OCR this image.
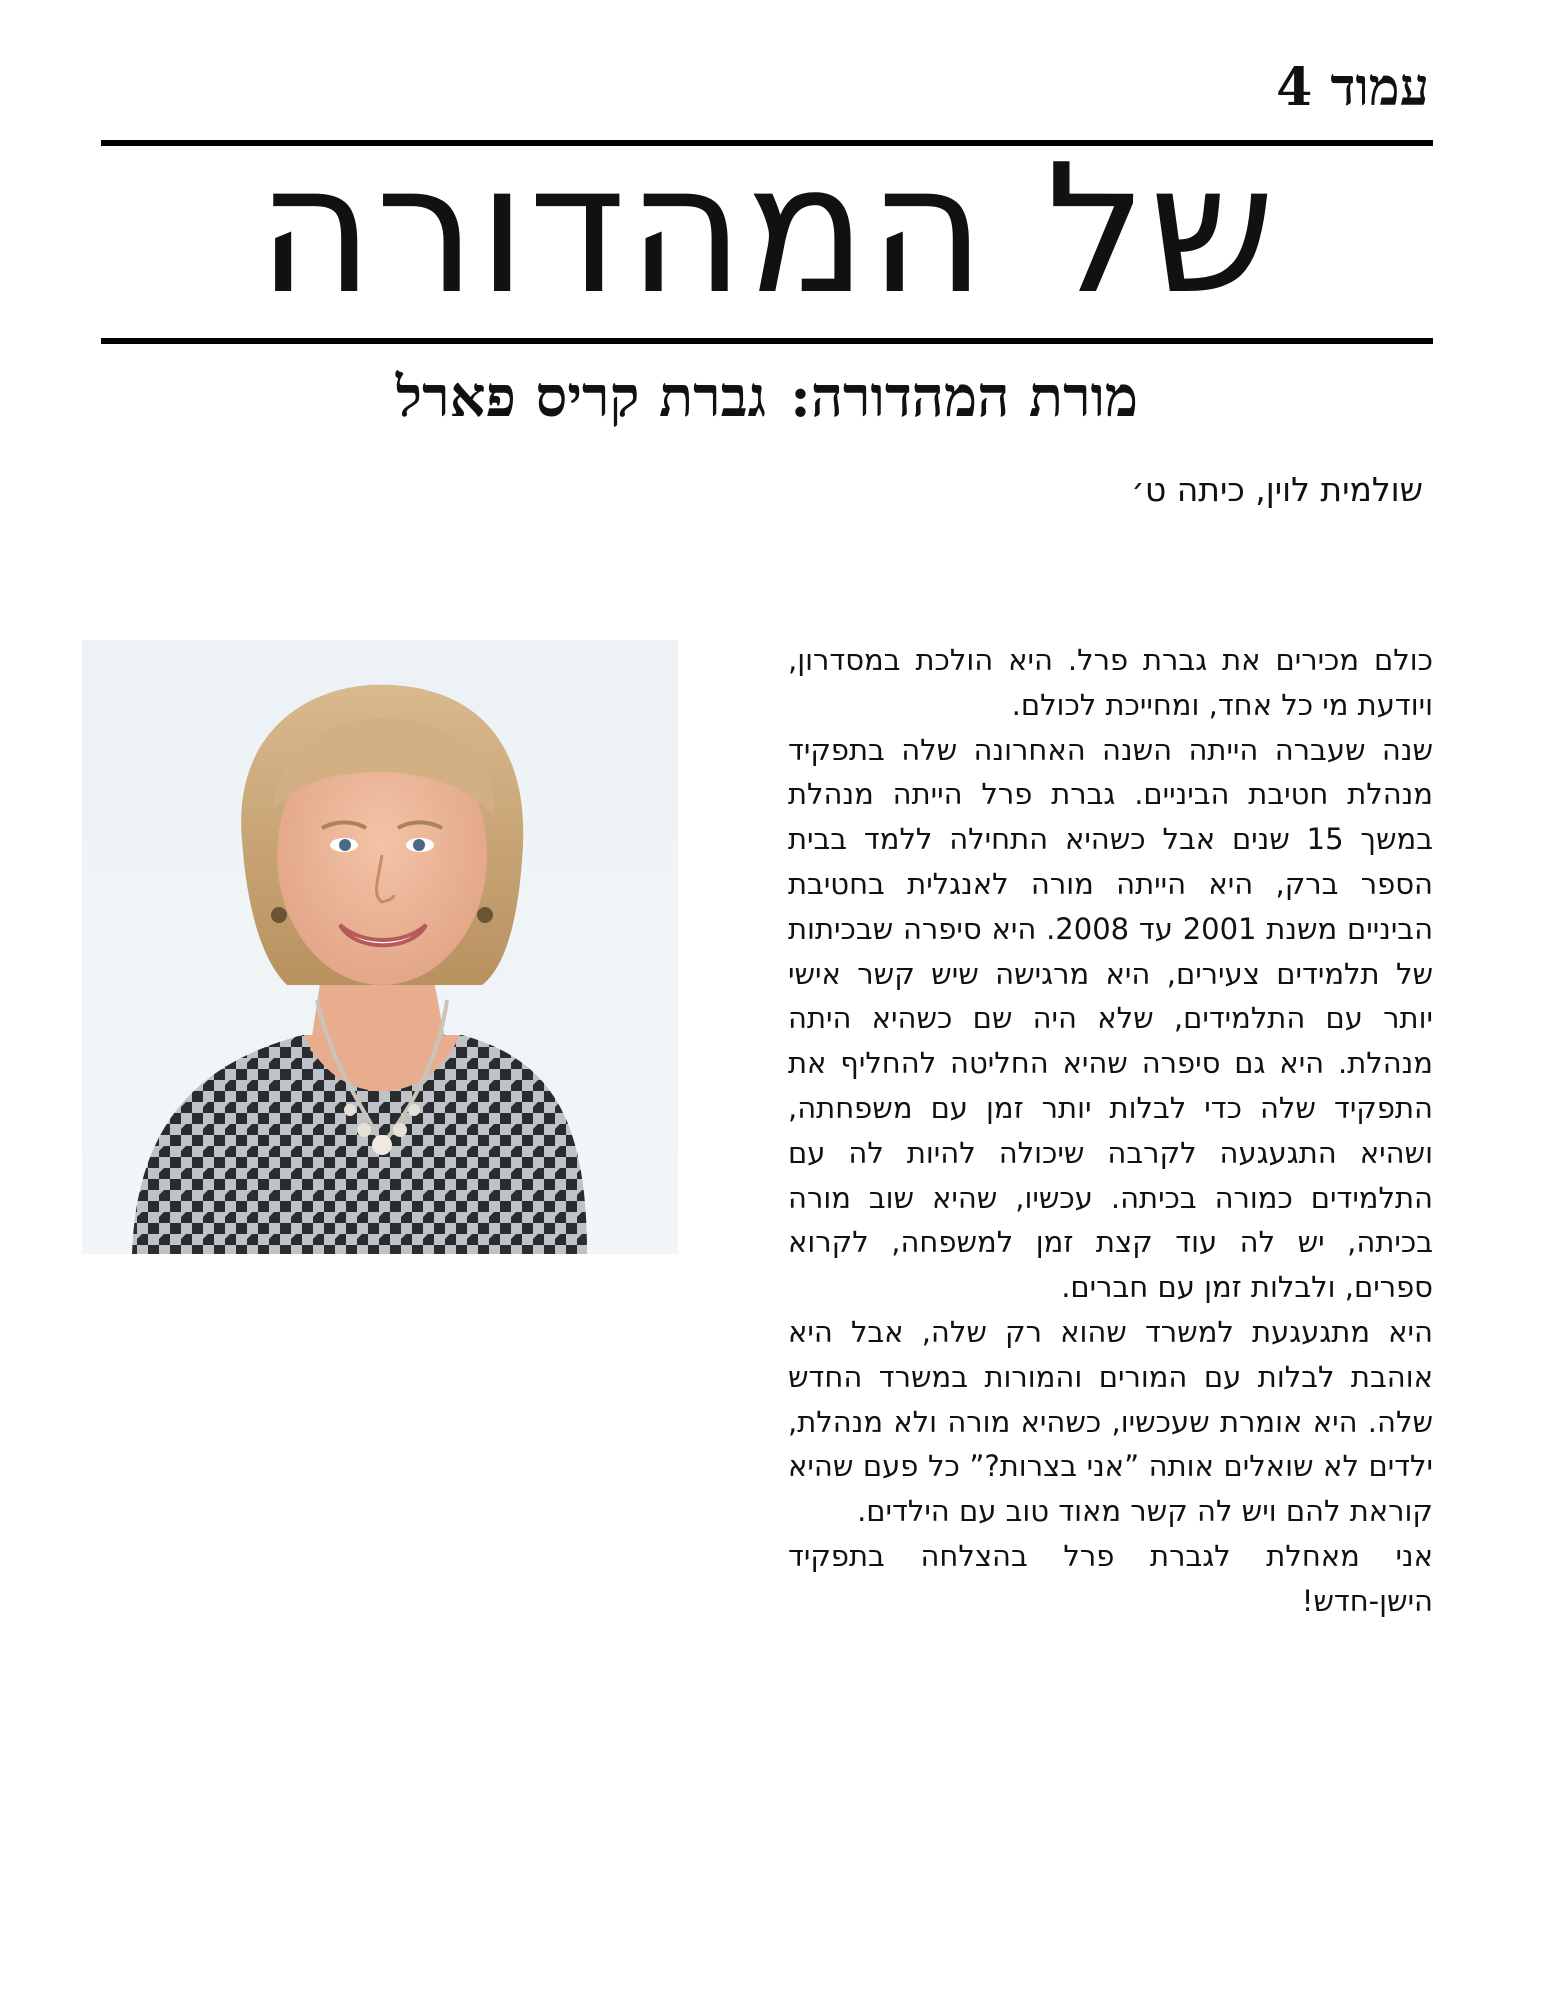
עמוד 4
של המהדורה
מורת המהדורה:גברת קריס פארל
שולמית לוין, כיתה ט׳

כולם מכירים את גברת פרל. היא הולכת במסדרון, ויודעת מי כל אחד, ומחייכת לכולם.

שנה שעברה הייתה השנה האחרונה שלה בתפקיד מנהלת חטיבת הביניים. גברת פרל הייתה מנהלת במשך 15 שנים אבל כשהיא התחילה ללמד בבית הספר ברק, היא הייתה מורה לאנגלית בחטיבת הביניים משנת 2001 עד 2008. היא סיפרה שבכיתות של תלמידים צעירים, היא מרגישה שיש קשר אישי יותר עם התלמידים, שלא היה שם כשהיא היתה מנהלת. היא גם סיפרה שהיא החליטה להחליף את התפקיד שלה כדי לבלות יותר זמן עם משפחתה, ושהיא התגעגעה לקרבה שיכולה להיות לה עם התלמידים כמורה בכיתה. עכשיו, שהיא שוב מורה בכיתה, יש לה עוד קצת זמן למשפחה, לקרוא ספרים, ולבלות זמן עם חברים.

היא מתגעגעת למשרד שהוא רק שלה, אבל היא אוהבת לבלות עם המורים והמורות במשרד החדש שלה. היא אומרת שעכשיו, כשהיא מורה ולא מנהלת, ילדים לא שואלים אותה ”אני בצרות?” כל פעם שהיא קוראת להם ויש לה קשר מאוד טוב עם הילדים.

אני מאחלת לגברת פרל בהצלחה בתפקיד הישן-חדש!
